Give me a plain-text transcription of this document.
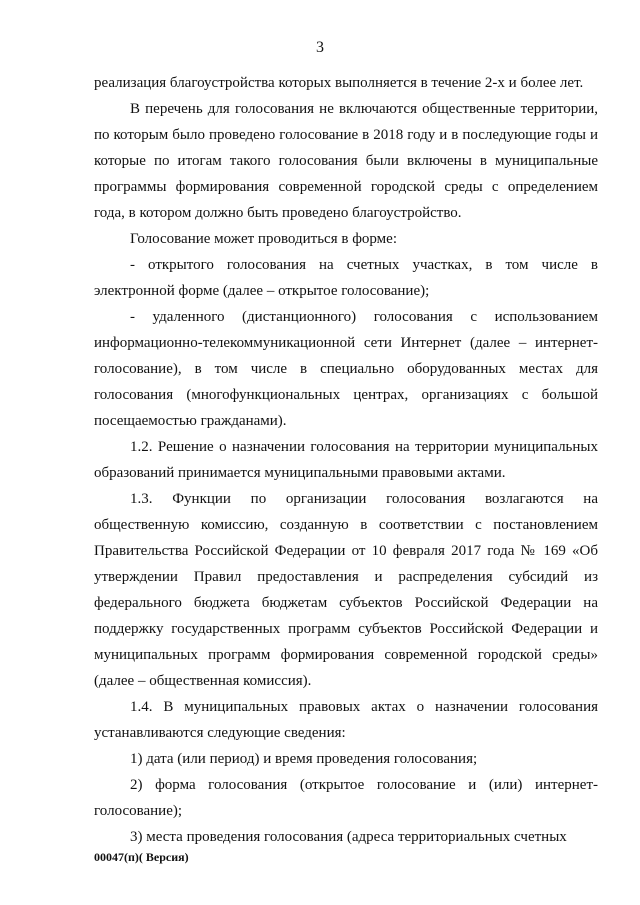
3

реализация благоустройства которых выполняется в течение 2-х и более лет.

В перечень для голосования не включаются общественные территории, по которым было проведено голосование в 2018 году и в последующие годы и которые по итогам такого голосования были включены в муниципальные программы формирования современной городской среды с определением года, в котором должно быть проведено благоустройство.

Голосование может проводиться в форме:

- открытого голосования на счетных участках, в том числе в электронной форме (далее – открытое голосование);

- удаленного (дистанционного) голосования с использованием информационно-телекоммуникационной сети Интернет (далее – интернет-голосование), в том числе в специально оборудованных местах для голосования (многофункциональных центрах, организациях с большой посещаемостью гражданами).

1.2. Решение о назначении голосования на территории муниципальных образований принимается муниципальными правовыми актами.

1.3. Функции по организации голосования возлагаются на общественную комиссию, созданную в соответствии с постановлением Правительства Российской Федерации от 10 февраля 2017 года № 169 «Об утверждении Правил предоставления и распределения субсидий из федерального бюджета бюджетам субъектов Российской Федерации на поддержку государственных программ субъектов Российской Федерации и муниципальных программ формирования современной городской среды» (далее – общественная комиссия).

1.4. В муниципальных правовых актах о назначении голосования устанавливаются следующие сведения:

1) дата (или период) и время проведения голосования;

2) форма голосования (открытое голосование и (или) интернет-голосование);

3) места проведения голосования (адреса территориальных счетных

00047(п)( Версия)
